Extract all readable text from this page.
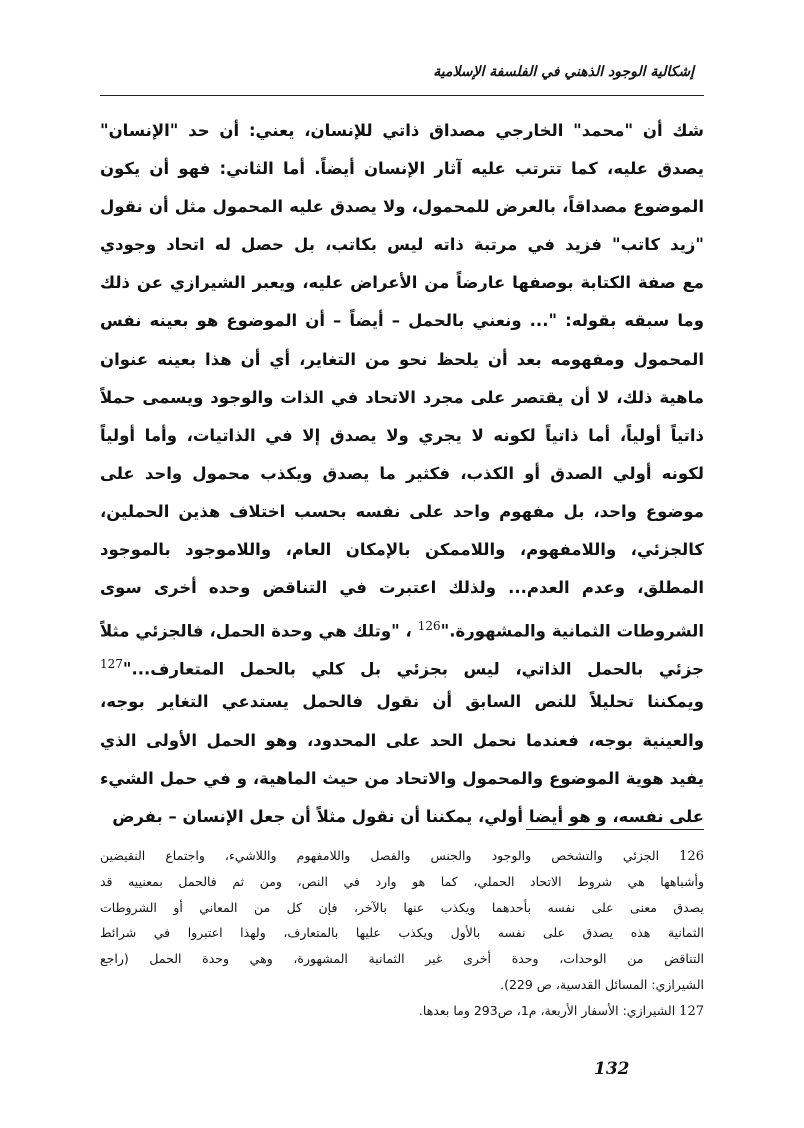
إشكالية الوجود الذهني في الفلسفة الإسلامية
شك أن "محمد" الخارجي مصداق ذاتي للإنسان، يعني: أن حد "الإنسان"
يصدق عليه، كما تترتب عليه آثار الإنسان أيضاً. أما الثاني: فهو أن يكون
الموضوع مصداقاً، بالعرض للمحمول، ولا يصدق عليه المحمول مثل أن نقول
"زيد كاتب" فزيد في مرتبة ذاته ليس بكاتب، بل حصل له اتحاد وجودي
مع صفة الكتابة بوصفها عارضاً من الأعراض عليه، ويعبر الشيرازي عن ذلك
وما سبقه بقوله: "... ونعني بالحمل – أيضاً – أن الموضوع هو بعينه نفس
المحمول ومفهومه بعد أن يلحظ نحو من التغاير، أي أن هذا بعينه عنوان
ماهية ذلك، لا أن يقتصر على مجرد الاتحاد في الذات والوجود ويسمى حملاً
ذاتياً أولياً، أما ذاتياً لكونه لا يجري ولا يصدق إلا في الذاتيات، وأما أولياً
لكونه أولي الصدق أو الكذب، فكثير ما يصدق ويكذب محمول واحد على
موضوع واحد، بل مفهوم واحد على نفسه بحسب اختلاف هذين الحملين،
كالجزئي، واللامفهوم، واللاممكن بالإمكان العام، واللاموجود بالموجود
المطلق، وعدم العدم... ولذلك اعتبرت في التناقض وحده أخرى سوى
الشروطات الثمانية والمشهورة."$^{126}$ ، "وتلك هي وحدة الحمل، فالجزئي مثلاً
جزئي بالحمل الذاتي، ليس بجزئي بل كلي بالحمل المتعارف..."$^{127}$
ويمكننا تحليلاً للنص السابق أن نقول فالحمل يستدعي التغاير بوجه،
والعينية بوجه، فعندما نحمل الحد على المحدود، وهو الحمل الأولى الذي
يفيد هوية الموضوع والمحمول والاتحاد من حيث الماهية، و في حمل الشيء
على نفسه، و هو أيضا أولي، يمكننا أن نقول مثلاً أن جعل الإنسان – بفرض
126 الجزئي والتشخص والوجود والجنس والفصل واللامفهوم واللاشيء، واجتماع النقيضين
وأشباهها هي شروط الاتحاد الحملي، كما هو وارد في النص، ومن ثم فالحمل بمعنييه قد
يصدق معنى على نفسه بأحدهما ويكذب عنها بالآخر، فإن كل من المعاني أو الشروطات
الثمانية هذه يصدق على نفسه بالأول ويكذب عليها بالمتعارف، ولهذا اعتبروا في شرائط
التناقض من الوحدات، وحدة أخرى غير الثمانية المشهورة، وهي وحدة الحمل (راجع
الشيرازي: المسائل القدسية، ص 229).
127 الشيرازي: الأسفار الأربعة، م1، ص293 وما بعدها.
132
